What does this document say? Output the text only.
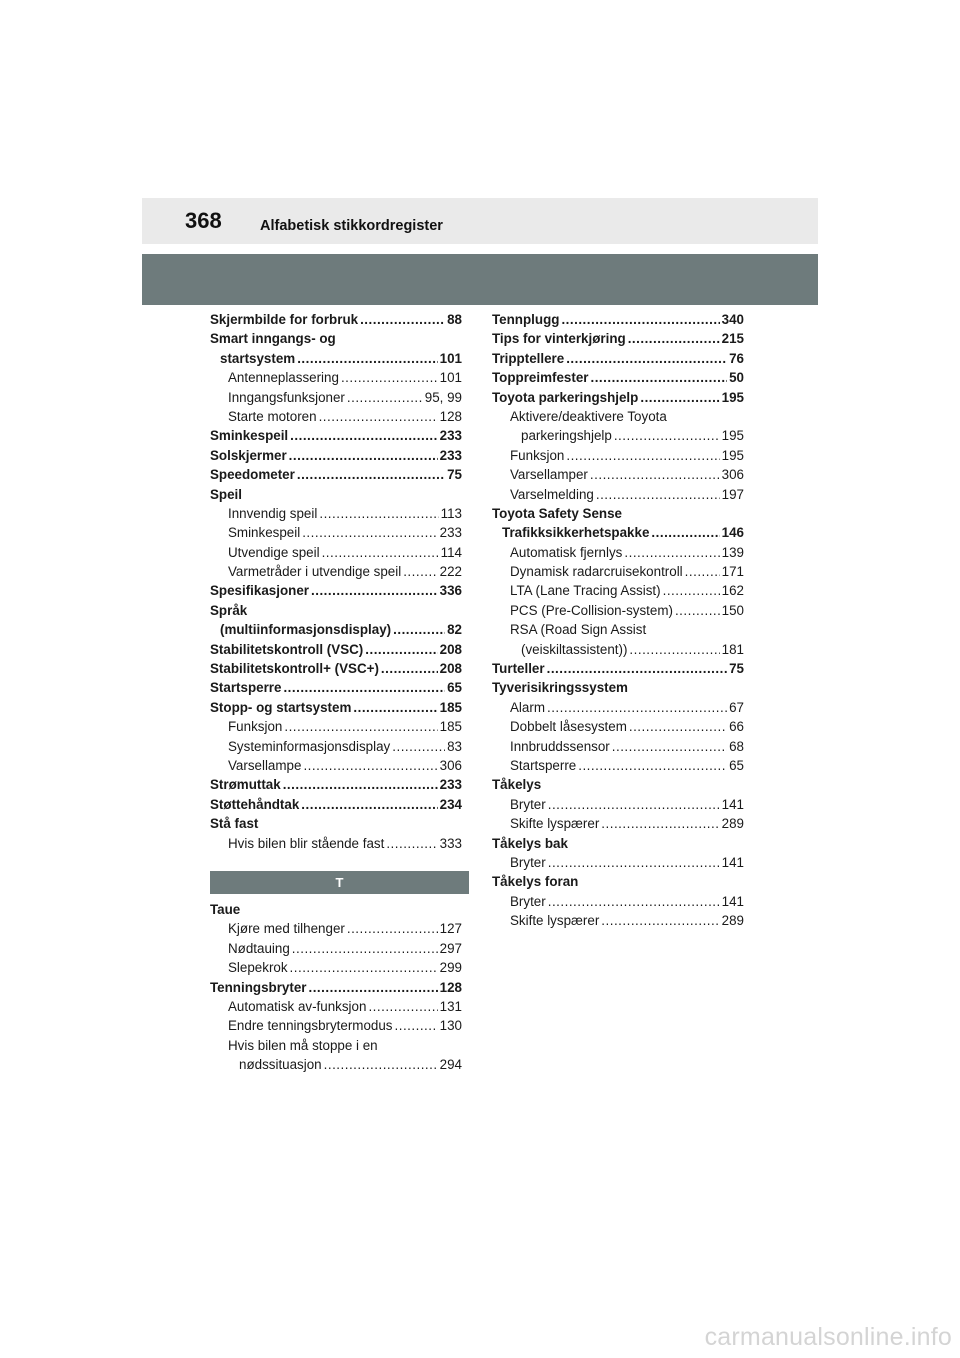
368	Alfabetisk stikkordregister
Skjermbilde for forbruk .....	88
Smart inngangs- og
startsystem .....	101
Antenneplassering .....	101
Inngangsfunksjoner .....	95, 99
Starte motoren .....	128
Sminkespeil .....	233
Solskjermer .....	233
Speedometer .....	75
Speil
Innvendig speil .....	113
Sminkespeil .....	233
Utvendige speil .....	114
Varmetråder i utvendige speil .....	222
Spesifikasjoner .....	336
Språk
(multiinformasjonsdisplay) .....	82
Stabilitetskontroll (VSC) .....	208
Stabilitetskontroll+ (VSC+) .....	208
Startsperre .....	65
Stopp- og startsystem .....	185
Funksjon .....	185
Systeminformasjonsdisplay .....	83
Varsellampe .....	306
Strømuttak .....	233
Støttehåndtak .....	234
Stå fast
Hvis bilen blir stående fast .....	333
T
Taue
Kjøre med tilhenger .....	127
Nødtauing .....	297
Slepekrok .....	299
Tenningsbryter .....	128
Automatisk av-funksjon .....	131
Endre tenningsbrytermodus .....	130
Hvis bilen må stoppe i en
nødssituasjon .....	294
Tennplugg .....	340
Tips for vinterkjøring .....	215
Tripptellere .....	76
Toppreimfester .....	50
Toyota parkeringshjelp .....	195
Aktivere/deaktivere Toyota
parkeringshjelp .....	195
Funksjon .....	195
Varsellamper .....	306
Varselmelding .....	197
Toyota Safety Sense
Trafikksikkerhetspakke .....	146
Automatisk fjernlys .....	139
Dynamisk radarcruisekontroll .....	171
LTA (Lane Tracing Assist) .....	162
PCS (Pre-Collision-system) .....	150
RSA (Road Sign Assist
(veiskiltassistent)) .....	181
Turteller .....	75
Tyverisikringssystem
Alarm .....	67
Dobbelt låsesystem .....	66
Innbruddssensor .....	68
Startsperre .....	65
Tåkelys
Bryter .....	141
Skifte lyspærer .....	289
Tåkelys bak
Bryter .....	141
Tåkelys foran
Bryter .....	141
Skifte lyspærer .....	289
carmanualsonline.info
